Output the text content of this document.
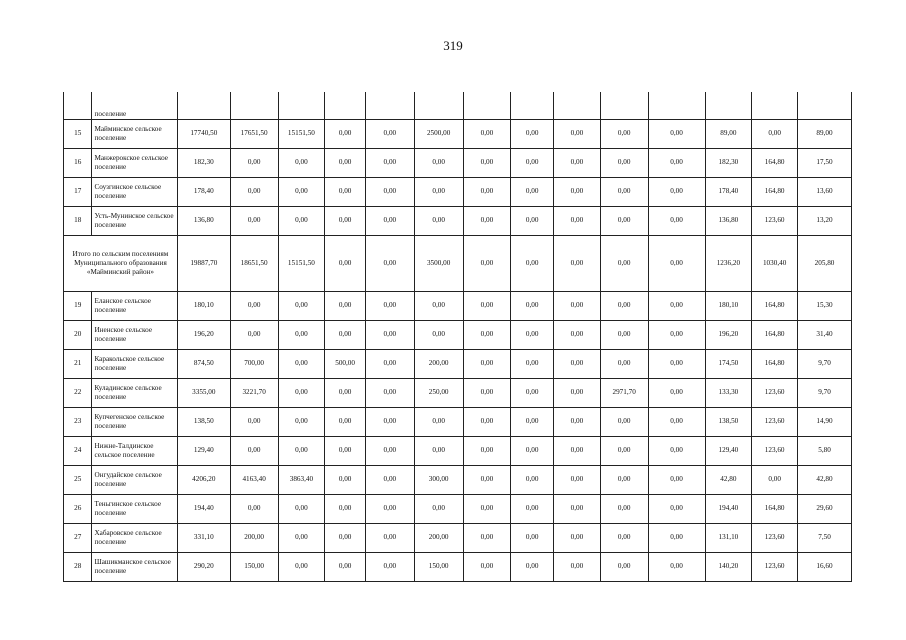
319
	поселение														
15	Майминское сельское поселение	17740,50	17651,50	15151,50	0,00	0,00	2500,00	0,00	0,00	0,00	0,00	0,00	89,00	0,00	89,00
16	Манжерокское сельское поселение	182,30	0,00	0,00	0,00	0,00	0,00	0,00	0,00	0,00	0,00	0,00	182,30	164,80	17,50
17	Соузгинское сельское поселение	178,40	0,00	0,00	0,00	0,00	0,00	0,00	0,00	0,00	0,00	0,00	178,40	164,80	13,60
18	Усть-Мунинское сельское поселение	136,80	0,00	0,00	0,00	0,00	0,00	0,00	0,00	0,00	0,00	0,00	136,80	123,60	13,20
Итого по сельским поселениям Муниципального образования «Майминский район»		19887,70	18651,50	15151,50	0,00	0,00	3500,00	0,00	0,00	0,00	0,00	0,00	1236,20	1030,40	205,80
19	Еланское сельское поселение	180,10	0,00	0,00	0,00	0,00	0,00	0,00	0,00	0,00	0,00	0,00	180,10	164,80	15,30
20	Иненское сельское поселение	196,20	0,00	0,00	0,00	0,00	0,00	0,00	0,00	0,00	0,00	0,00	196,20	164,80	31,40
21	Каракольское сельское поселение	874,50	700,00	0,00	500,00	0,00	200,00	0,00	0,00	0,00	0,00	0,00	174,50	164,80	9,70
22	Куладинское сельское поселение	3355,00	3221,70	0,00	0,00	0,00	250,00	0,00	0,00	0,00	2971,70	0,00	133,30	123,60	9,70
23	Купчегенское сельское поселение	138,50	0,00	0,00	0,00	0,00	0,00	0,00	0,00	0,00	0,00	0,00	138,50	123,60	14,90
24	Нижне-Талдинское сельское поселение	129,40	0,00	0,00	0,00	0,00	0,00	0,00	0,00	0,00	0,00	0,00	129,40	123,60	5,80
25	Онгудайское сельское поселение	4206,20	4163,40	3863,40	0,00	0,00	300,00	0,00	0,00	0,00	0,00	0,00	42,80	0,00	42,80
26	Теньгинское сельское поселение	194,40	0,00	0,00	0,00	0,00	0,00	0,00	0,00	0,00	0,00	0,00	194,40	164,80	29,60
27	Хабаровское сельское поселение	331,10	200,00	0,00	0,00	0,00	200,00	0,00	0,00	0,00	0,00	0,00	131,10	123,60	7,50
28	Шашикманское сельское поселение	290,20	150,00	0,00	0,00	0,00	150,00	0,00	0,00	0,00	0,00	0,00	140,20	123,60	16,60
